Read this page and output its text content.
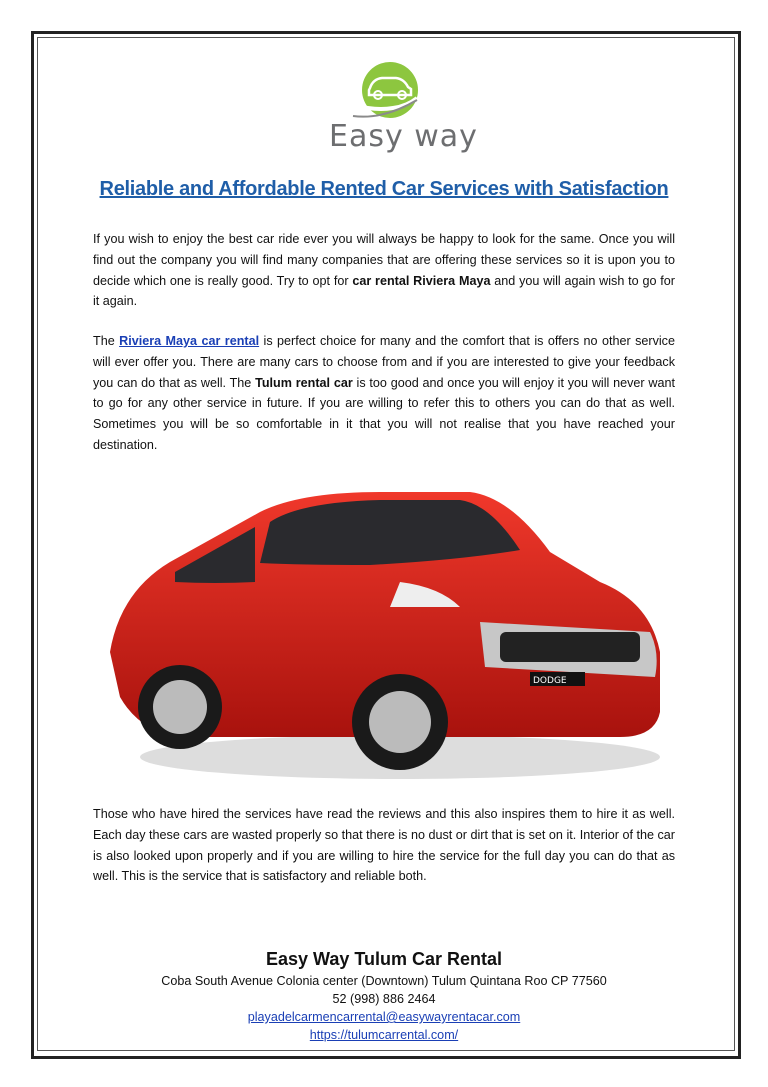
Easy way
Reliable and Affordable Rented Car Services with Satisfaction
If you wish to enjoy the best car ride ever you will always be happy to look for the same. Once you will find out the company you will find many companies that are offering these services so it is upon you to decide which one is really good. Try to opt for car rental Riviera Maya and you will again wish to go for it again.
The Riviera Maya car rental is perfect choice for many and the comfort that is offers no other service will ever offer you. There are many cars to choose from and if you are interested to give your feedback you can do that as well. The Tulum rental car is too good and once you will enjoy it you will never want to go for any other service in future. If you are willing to refer this to others you can do that as well. Sometimes you will be so comfortable in it that you will not realise that you have reached your destination.
DODGE
Those who have hired the services have read the reviews and this also inspires them to hire it as well. Each day these cars are wasted properly so that there is no dust or dirt that is set on it. Interior of the car is also looked upon properly and if you are willing to hire the service for the full day you can do that as well. This is the service that is satisfactory and reliable both.
Easy Way Tulum Car Rental
Coba South Avenue Colonia center (Downtown) Tulum Quintana Roo CP 77560
52 (998) 886 2464
playadelcarmencarrental@easywayrentacar.com
https://tulumcarrental.com/
